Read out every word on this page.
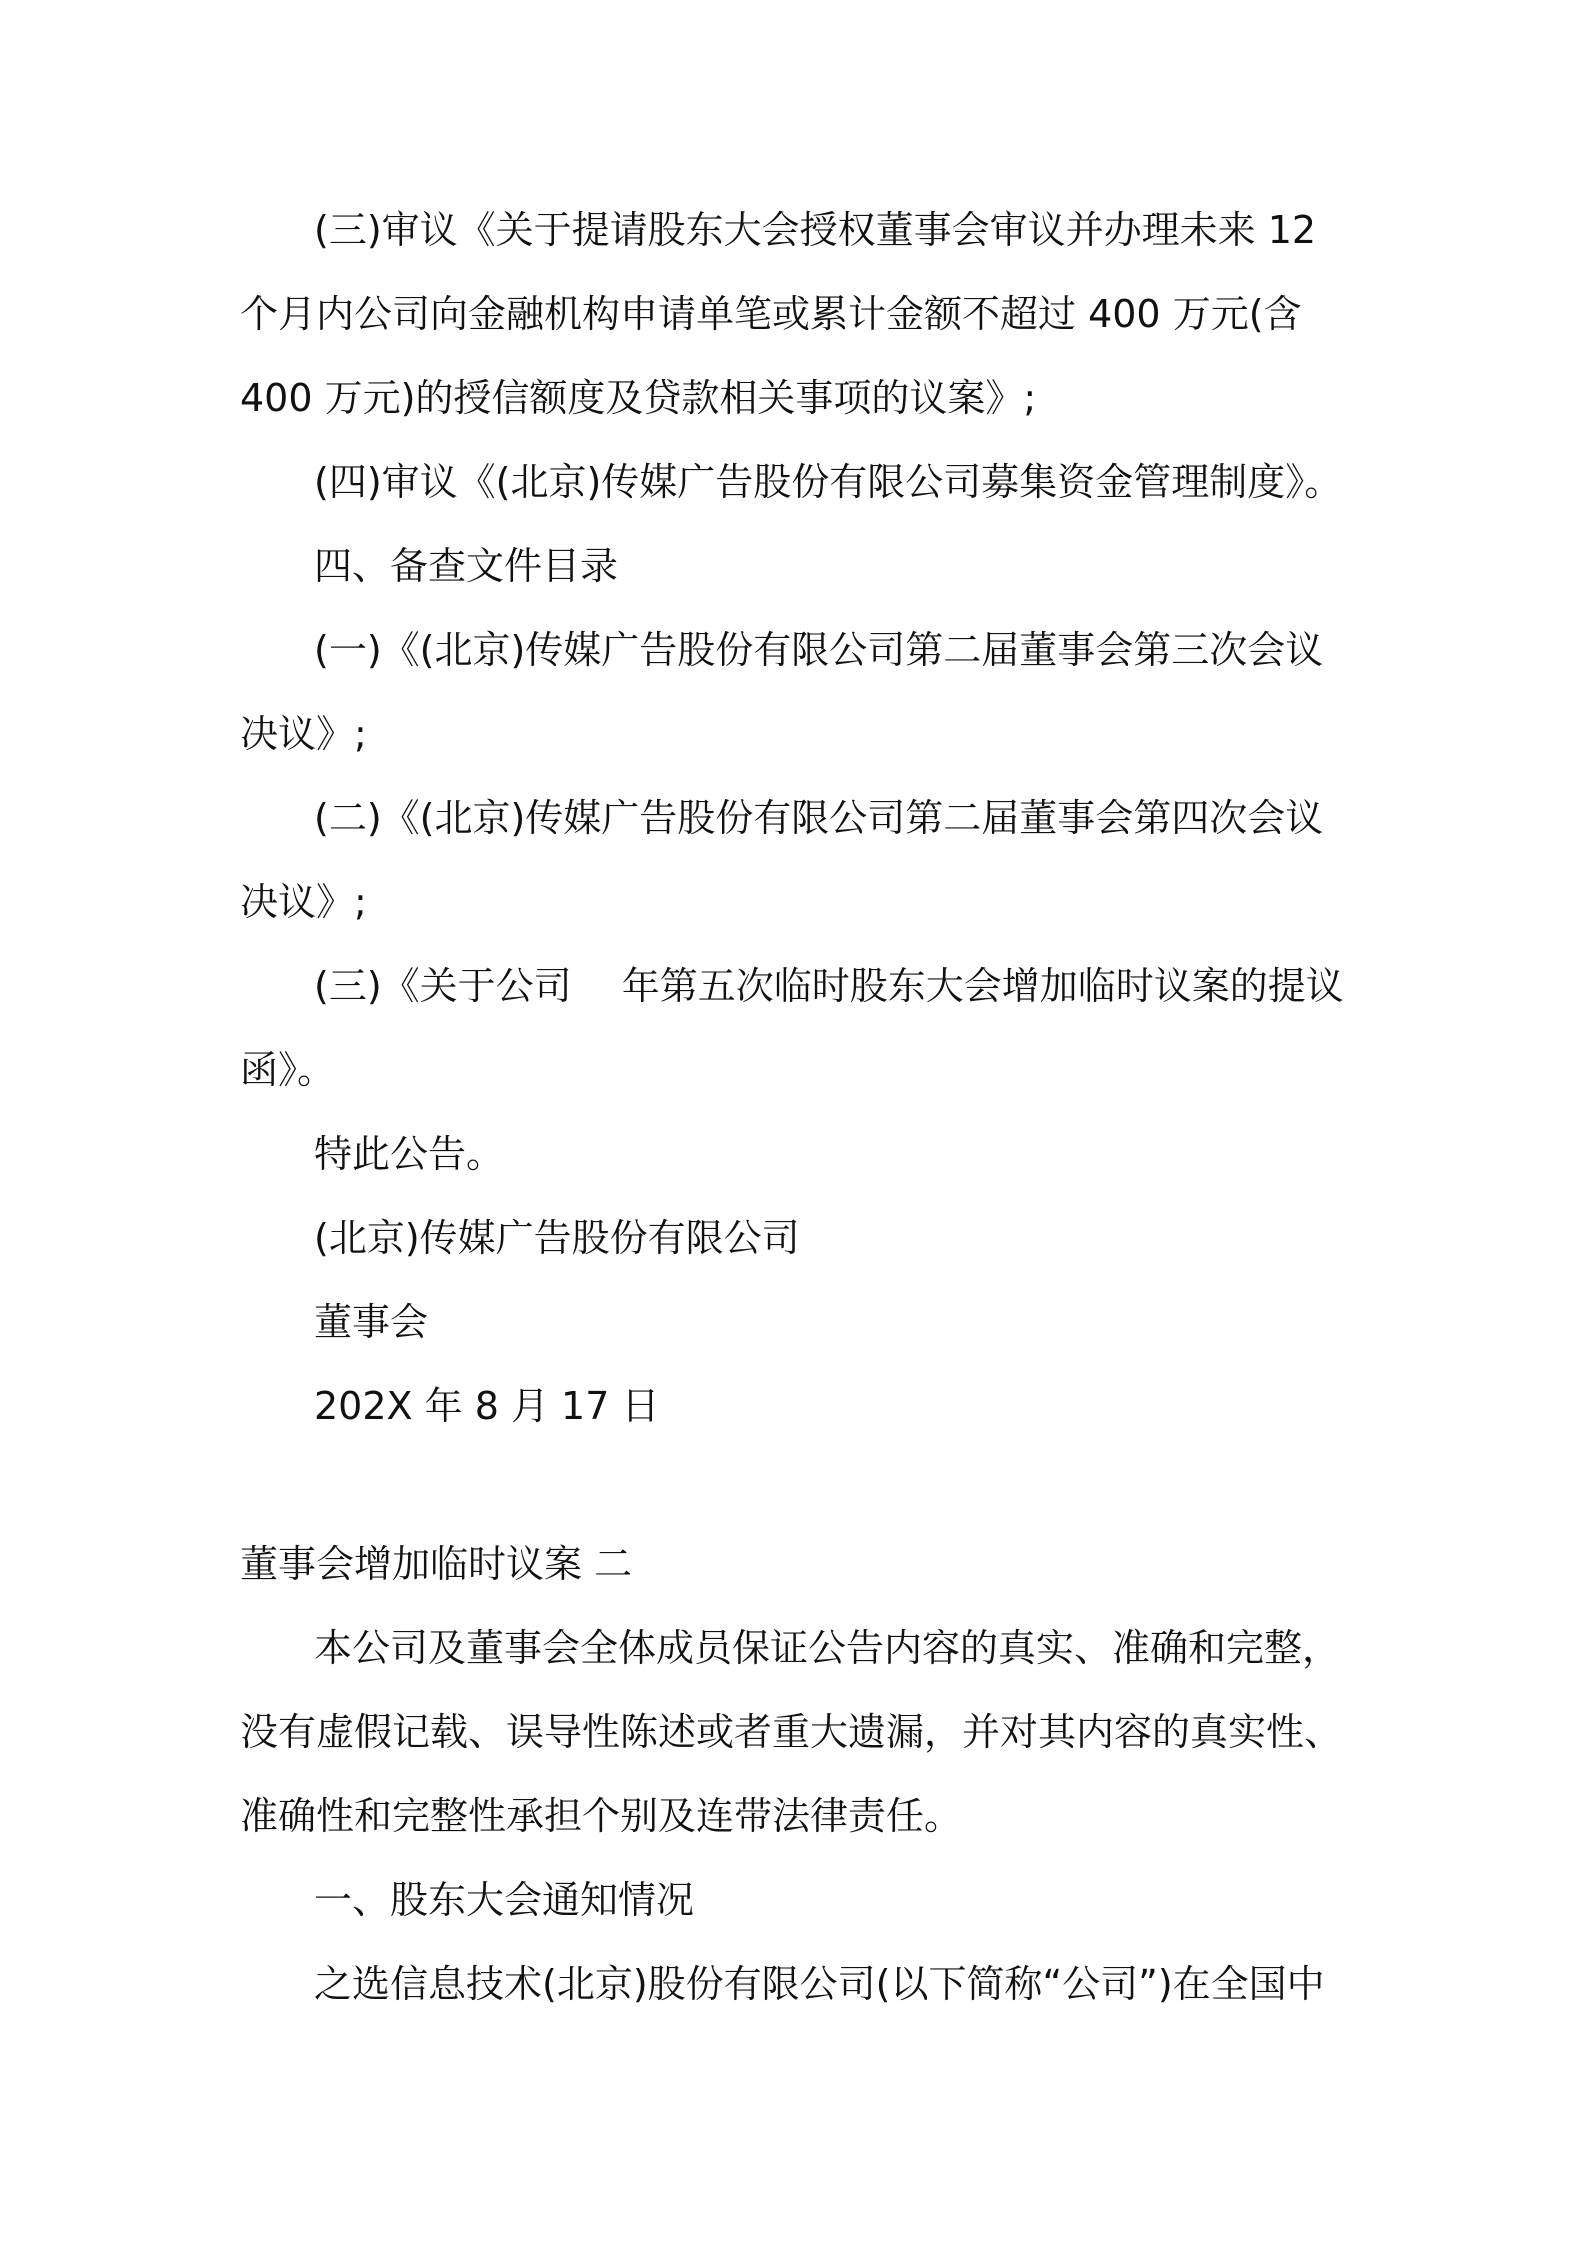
(三)审议《关于提请股东大会授权董事会审议并办理未来 12 个月内公司向金融机构申请单笔或累计金额不超过 400 万元(含 400 万元)的授信额度及贷款相关事项的议案》;

(四)审议《(北京)传媒广告股份有限公司募集资金管理制度》。

四、备查文件目录

(一)《(北京)传媒广告股份有限公司第二届董事会第三次会议决议》;

(二)《(北京)传媒广告股份有限公司第二届董事会第四次会议决议》;

(三)《关于公司　 年第五次临时股东大会增加临时议案的提议函》。

特此公告。

(北京)传媒广告股份有限公司

董事会

202X 年 8 月 17 日

董事会增加临时议案 二

本公司及董事会全体成员保证公告内容的真实、准确和完整，没有虚假记载、误导性陈述或者重大遗漏，并对其内容的真实性、准确性和完整性承担个别及连带法律责任。

一、股东大会通知情况

之选信息技术(北京)股份有限公司(以下简称“公司”)在全国中
